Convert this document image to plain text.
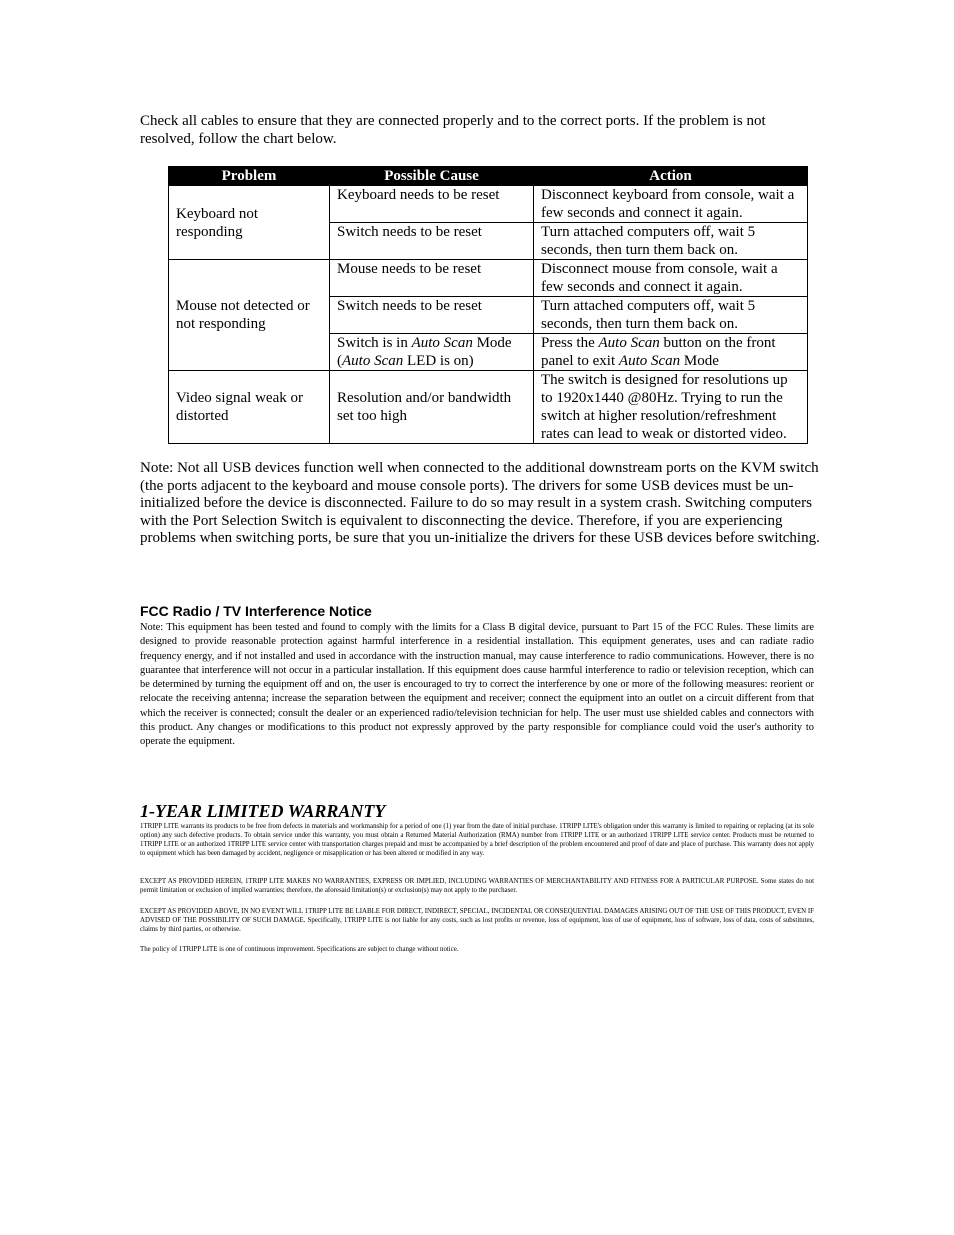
Check all cables to ensure that they are connected properly and to the correct ports. If the problem is not resolved, follow the chart below.
Problem	Possible Cause	Action
Keyboard not responding	Keyboard needs to be reset	Disconnect keyboard from console, wait a few seconds and connect it again.
	Switch needs to be reset	Turn attached computers off, wait 5 seconds, then turn them back on.
Mouse not detected or not responding	Mouse needs to be reset	Disconnect mouse from console, wait a few seconds and connect it again.
	Switch needs to be reset	Turn attached computers off, wait 5 seconds, then turn them back on.
	Switch is in Auto Scan Mode (Auto Scan LED is on)	Press the Auto Scan button on the front panel to exit Auto Scan Mode
Video signal weak or distorted	Resolution and/or bandwidth set too high	The switch is designed for resolutions up to 1920x1440 @80Hz. Trying to run the switch at higher resolution/refreshment rates can lead to weak or distorted video.
Note: Not all USB devices function well when connected to the additional downstream ports on the KVM switch (the ports adjacent to the keyboard and mouse console ports). The drivers for some USB devices must be un-initialized before the device is disconnected. Failure to do so may result in a system crash. Switching computers with the Port Selection Switch is equivalent to disconnecting the device. Therefore, if you are experiencing problems when switching ports, be sure that you un-initialize the drivers for these USB devices before switching.
FCC Radio / TV Interference Notice
Note: This equipment has been tested and found to comply with the limits for a Class B digital device, pursuant to Part 15 of the FCC Rules. These limits are designed to provide reasonable protection against harmful interference in a residential installation. This equipment generates, uses and can radiate radio frequency energy, and if not installed and used in accordance with the instruction manual, may cause interference to radio communications. However, there is no guarantee that interference will not occur in a particular installation. If this equipment does cause harmful interference to radio or television reception, which can be determined by turning the equipment off and on, the user is encouraged to try to correct the interference by one or more of the following measures: reorient or relocate the receiving antenna; increase the separation between the equipment and receiver; connect the equipment into an outlet on a circuit different from that which the receiver is connected; consult the dealer or an experienced radio/television technician for help. The user must use shielded cables and connectors with this product. Any changes or modifications to this product not expressly approved by the party responsible for compliance could void the user's authority to operate the equipment.
1-YEAR LIMITED WARRANTY

1TRIPP LITE warrants its products to be free from defects in materials and workmanship for a period of one (1) year from the date of initial purchase. 1TRIPP LITE's obligation under this warranty is limited to repairing or replacing (at its sole option) any such defective products. To obtain service under this warranty, you must obtain a Returned Material Authorization (RMA) number from 1TRIPP LITE or an authorized 1TRIPP LITE service center. Products must be returned to 1TRIPP LITE or an authorized 1TRIPP LITE service center with transportation charges prepaid and must be accompanied by a brief description of the problem encountered and proof of date and place of purchase. This warranty does not apply to equipment which has been damaged by accident, negligence or misapplication or has been altered or modified in any way.

EXCEPT AS PROVIDED HEREIN, 1TRIPP LITE MAKES NO WARRANTIES, EXPRESS OR IMPLIED, INCLUDING WARRANTIES OF MERCHANTABILITY AND FITNESS FOR A PARTICULAR PURPOSE. Some states do not permit limitation or exclusion of implied warranties; therefore, the aforesaid limitation(s) or exclusion(s) may not apply to the purchaser.

EXCEPT AS PROVIDED ABOVE, IN NO EVENT WILL 1TRIPP LITE BE LIABLE FOR DIRECT, INDIRECT, SPECIAL, INCIDENTAL OR CONSEQUENTIAL DAMAGES ARISING OUT OF THE USE OF THIS PRODUCT, EVEN IF ADVISED OF THE POSSIBILITY OF SUCH DAMAGE. Specifically, 1TRIPP LITE is not liable for any costs, such as lost profits or revenue, loss of equipment, loss of use of equipment, loss of software, loss of data, costs of substitutes, claims by third parties, or otherwise.

The policy of 1TRIPP LITE is one of continuous improvement. Specifications are subject to change without notice.
